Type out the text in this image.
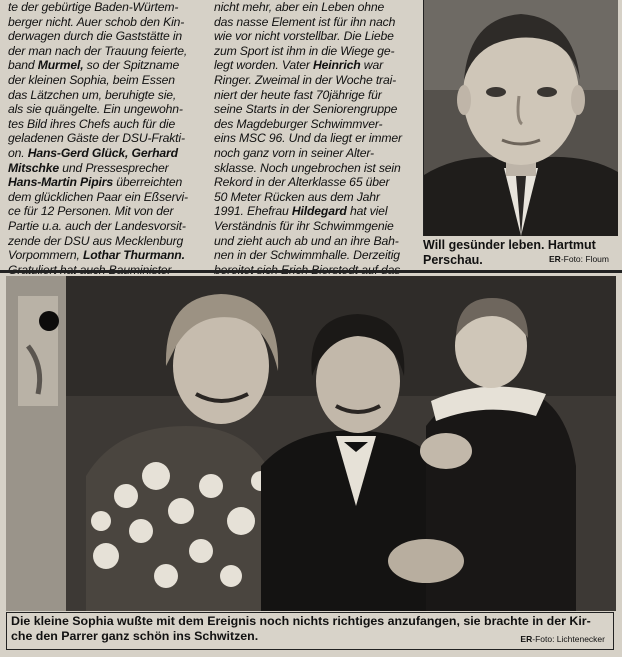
te der gebürtige Baden-Würtem-

berger nicht. Auer schob den Kin-

derwagen durch die Gaststätte in

der man nach der Trauung feierte,

band Murmel, so der Spitzname

der kleinen Sophia, beim Essen

das Lätzchen um, beruhigte sie,

als sie quängelte. Ein ungewohn-

tes Bild ihres Chefs auch für die

geladenen Gäste der DSU-Frakti-

on. Hans-Gerd Glück, Gerhard

Mitschke und Pressesprecher

Hans-Martin Pipirs überreichten

dem glücklichen Paar ein Eßservi-

ce für 12 Personen. Mit von der

Partie u.a. auch der Landesvorsit-

zende der DSU aus Mecklenburg

Vorpommern, Lothar Thurmann.

nicht mehr, aber ein Leben ohne

das nasse Element ist für ihn nach

wie vor nicht vorstellbar. Die Liebe

zum Sport ist ihm in die Wiege ge-

legt worden. Vater Heinrich war

Ringer. Zweimal in der Woche trai-

niert der heute fast 70jährige für

seine Starts in der Seniorengruppe

des Magdeburger Schwimmver-

eins MSC 96. Und da liegt er immer

noch ganz vorn in seiner Alter-

sklasse. Noch ungebrochen ist sein

Rekord in der Alterklasse 65 über

50 Meter Rücken aus dem Jahr

1991. Ehefrau Hildegard hat viel

Verständnis für ihr Schwimmgenie

und zieht auch ab und an ihre Bah-

nen in der Schwimmhalle. Derzeitig

Will gesünder leben. Hartmut
Perschau.	ER-Foto: Floum
Die kleine Sophia wußte mit dem Ereignis noch nichts richtiges anzufangen, sie brachte in der Kir-
che den Parrer ganz schön ins Schwitzen.	ER-Foto: Lichtenecker
